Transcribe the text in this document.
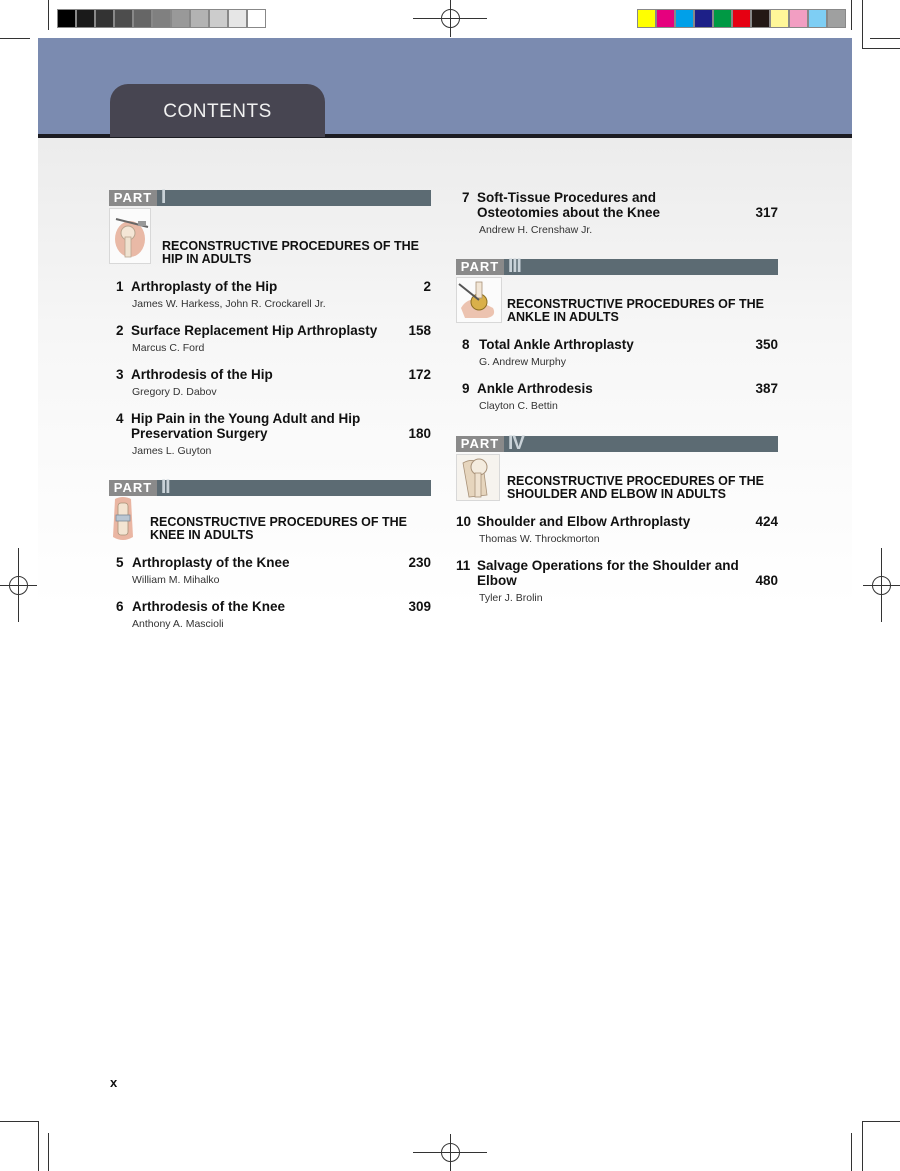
CONTENTS
PART I
RECONSTRUCTIVE PROCEDURES OF THE HIP IN ADULTS
1 Arthroplasty of the Hip	2
James W. Harkess, John R. Crockarell Jr.
2 Surface Replacement Hip Arthroplasty	158
Marcus C. Ford
3 Arthrodesis of the Hip	172
Gregory D. Dabov
4 Hip Pain in the Young Adult and Hip Preservation Surgery	180
James L. Guyton
PART II
RECONSTRUCTIVE PROCEDURES OF THE KNEE IN ADULTS
5 Arthroplasty of the Knee	230
William M. Mihalko
6 Arthrodesis of the Knee	309
Anthony A. Mascioli
7 Soft-Tissue Procedures and Osteotomies about the Knee	317
Andrew H. Crenshaw Jr.
PART III
RECONSTRUCTIVE PROCEDURES OF THE ANKLE IN ADULTS
8 Total Ankle Arthroplasty	350
G. Andrew Murphy
9 Ankle Arthrodesis	387
Clayton C. Bettin
PART IV
RECONSTRUCTIVE PROCEDURES OF THE SHOULDER AND ELBOW IN ADULTS
10 Shoulder and Elbow Arthroplasty	424
Thomas W. Throckmorton
11 Salvage Operations for the Shoulder and Elbow	480
Tyler J. Brolin
x
